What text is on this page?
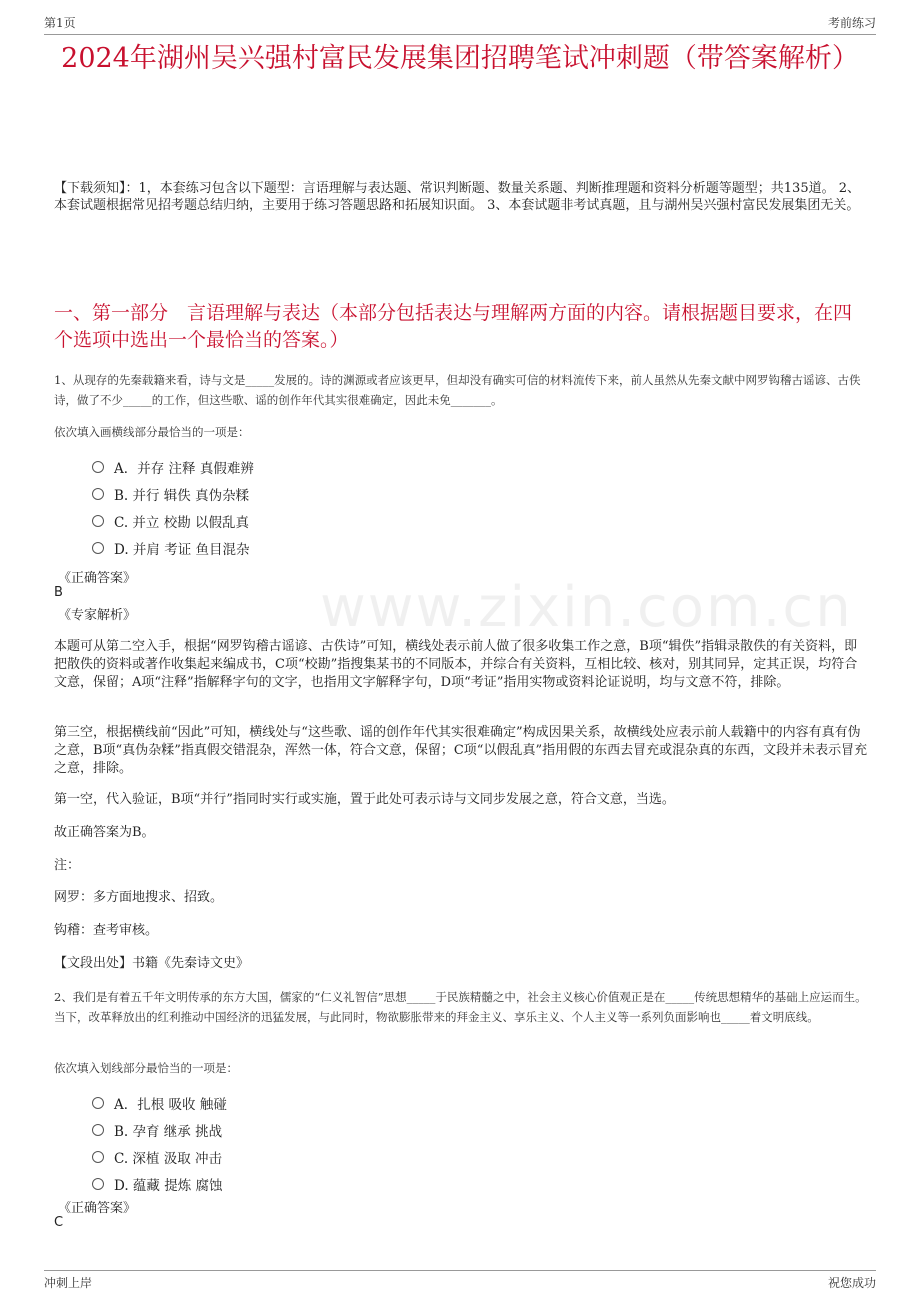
第1页	考前练习
www.zixin.com.cn
2024年湖州吴兴强村富民发展集团招聘笔试冲刺题（带答案解析）
【下载须知】：1，本套练习包含以下题型：言语理解与表达题、常识判断题、数量关系题、判断推理题和资料分析题等题型；共135道。 2、本套试题根据常见招考题总结归纳，主要用于练习答题思路和拓展知识面。 3、本套试题非考试真题，且与湖州吴兴强村富民发展集团无关。
一、第一部分　言语理解与表达（本部分包括表达与理解两方面的内容。请根据题目要求，在四个选项中选出一个最恰当的答案。）
1、从现存的先秦载籍来看，诗与文是_____发展的。诗的渊源或者应该更早，但却没有确实可信的材料流传下来，前人虽然从先秦文献中网罗钩稽古谣谚、古佚诗，做了不少_____的工作，但这些歌、谣的创作年代其实很难确定，因此未免_______。
依次填入画横线部分最恰当的一项是：
A．并存 注释 真假难辨
B. 并行 辑佚 真伪杂糅
C. 并立 校勘 以假乱真
D. 并肩 考证 鱼目混杂
《正确答案》
B
《专家解析》
本题可从第二空入手，根据“网罗钩稽古谣谚、古佚诗”可知，横线处表示前人做了很多收集工作之意，B项“辑佚”指辑录散佚的有关资料，即把散佚的资料或著作收集起来编成书，C项“校勘”指搜集某书的不同版本，并综合有关资料，互相比较、核对，别其同异，定其正误，均符合文意，保留；A项“注释”指解释字句的文字，也指用文字解释字句，D项“考证”指用实物或资料论证说明，均与文意不符，排除。
第三空，根据横线前“因此”可知，横线处与“这些歌、谣的创作年代其实很难确定”构成因果关系，故横线处应表示前人载籍中的内容有真有伪之意，B项“真伪杂糅”指真假交错混杂，浑然一体，符合文意，保留；C项“以假乱真”指用假的东西去冒充或混杂真的东西，文段并未表示冒充之意，排除。
第一空，代入验证，B项“并行”指同时实行或实施，置于此处可表示诗与文同步发展之意，符合文意，当选。
故正确答案为B。
注：
网罗：多方面地搜求、招致。
钩稽：查考审核。
【文段出处】书籍《先秦诗文史》
2、我们是有着五千年文明传承的东方大国，儒家的“仁义礼智信”思想_____于民族精髓之中，社会主义核心价值观正是在_____传统思想精华的基础上应运而生。当下，改革释放出的红利推动中国经济的迅猛发展，与此同时，物欲膨胀带来的拜金主义、享乐主义、个人主义等一系列负面影响也_____着文明底线。
依次填入划线部分最恰当的一项是：
A．扎根 吸收 触碰
B. 孕育 继承 挑战
C. 深植 汲取 冲击
D. 蕴藏 提炼 腐蚀
《正确答案》
C
冲刺上岸	祝您成功
